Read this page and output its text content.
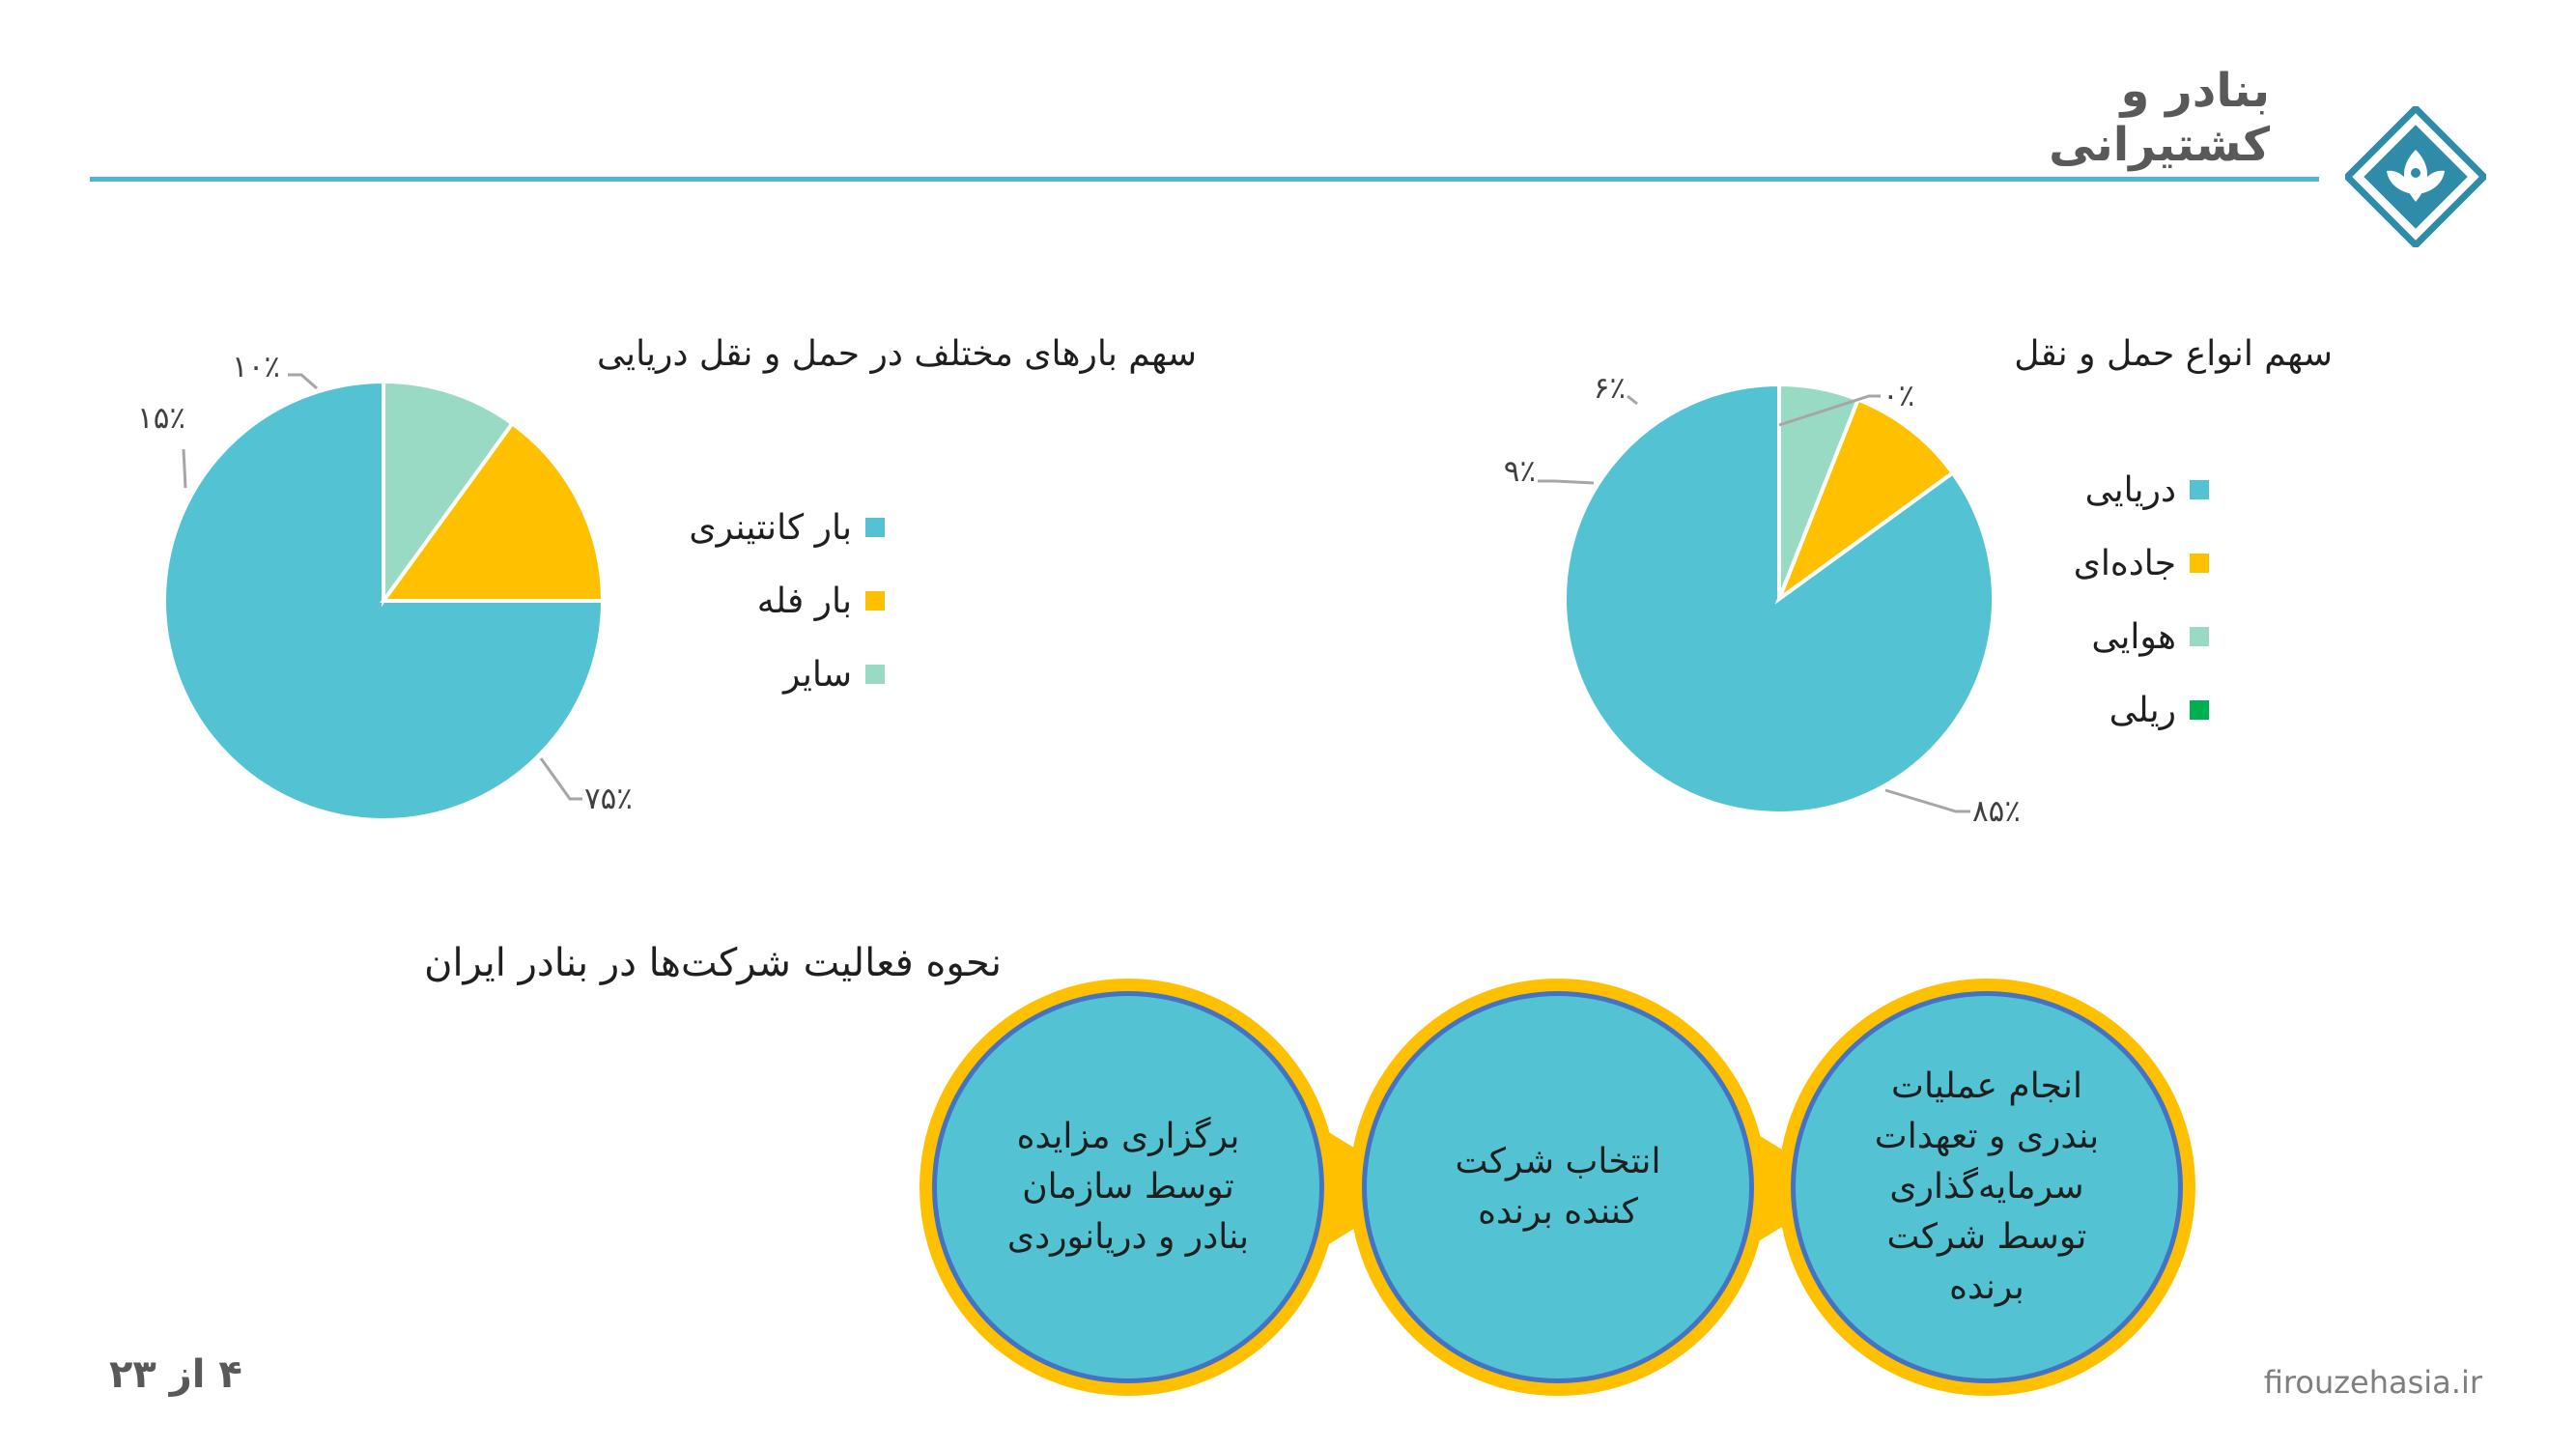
بنادر و کشتیرانی
سهم انواع حمل و نقل
۸۵٪
۹٪
۶٪	۰٪
دریایی
جاده‌ای
هوایی
ریلی
سهم بارهای مختلف در حمل و نقل دریایی
۷۵٪
۱۵٪
۱۰٪
بار کانتینری
بار فله
سایر
نحوه فعالیت شرکت‌ها در بنادر ایران
انجام عملیات بندری و تعهدات سرمایه‌گذاری توسط شرکت برنده
انتخاب شرکت کننده برنده
برگزاری مزایده توسط سازمان بنادر و دریانوردی
۴ از ۲۳	firouzehasia.ir
